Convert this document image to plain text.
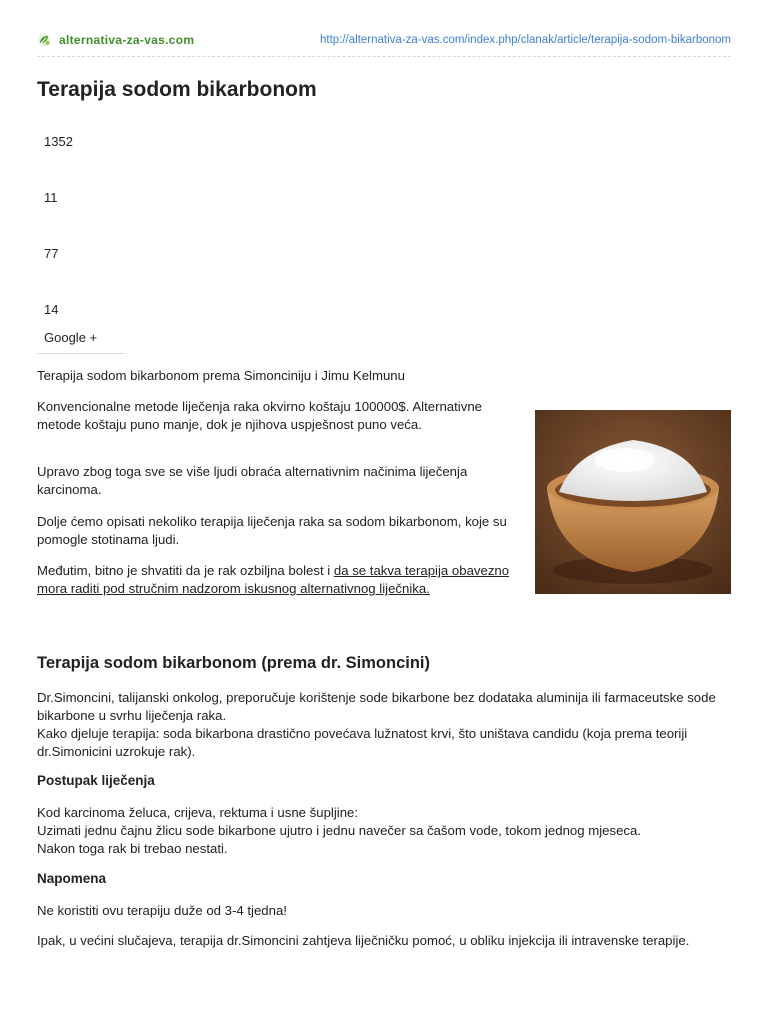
alternativa-za-vas.com	http://alternativa-za-vas.com/index.php/clanak/article/terapija-sodom-bikarbonom
Terapija sodom bikarbonom
1352
11
77
14
Google +

Terapija sodom bikarbonom prema Simonciniju i Jimu Kelmunu

Konvencionalne metode liječenja raka okvirno koštaju 100000$. Alternativne metode koštaju puno manje, dok je njihova uspješnost puno veća.

Upravo zbog toga sve se više ljudi obraća alternativnim načinima liječenja karcinoma.

Dolje ćemo opisati nekoliko terapija liječenja raka sa sodom bikarbonom, koje su pomogle stotinama ljudi.

Međutim, bitno je shvatiti da je rak ozbiljna bolest i da se takva terapija obavezno mora raditi pod stručnim nadzorom iskusnog alternativnog liječnika.

Terapija sodom bikarbonom (prema dr. Simoncini)

Dr.Simoncini, talijanski onkolog, preporučuje korištenje sode bikarbone bez dodataka aluminija ili farmaceutske sode bikarbone u svrhu liječenja raka.

Kako djeluje terapija: soda bikarbona drastično povećava lužnatost krvi, što uništava candidu (koja prema teoriji dr.Simonicini uzrokuje rak).

Postupak liječenja

Kod karcinoma želuca, crijeva, rektuma i usne šupljine:

Uzimati jednu čajnu žlicu sode bikarbone ujutro i jednu navečer sa čašom vode, tokom jednog mjeseca.

Nakon toga rak bi trebao nestati.

Napomena

Ne koristiti ovu terapiju duže od 3-4 tjedna!

Ipak, u većini slučajeva, terapija dr.Simoncini zahtjeva liječničku pomoć, u obliku injekcija ili intravenske terapije.
